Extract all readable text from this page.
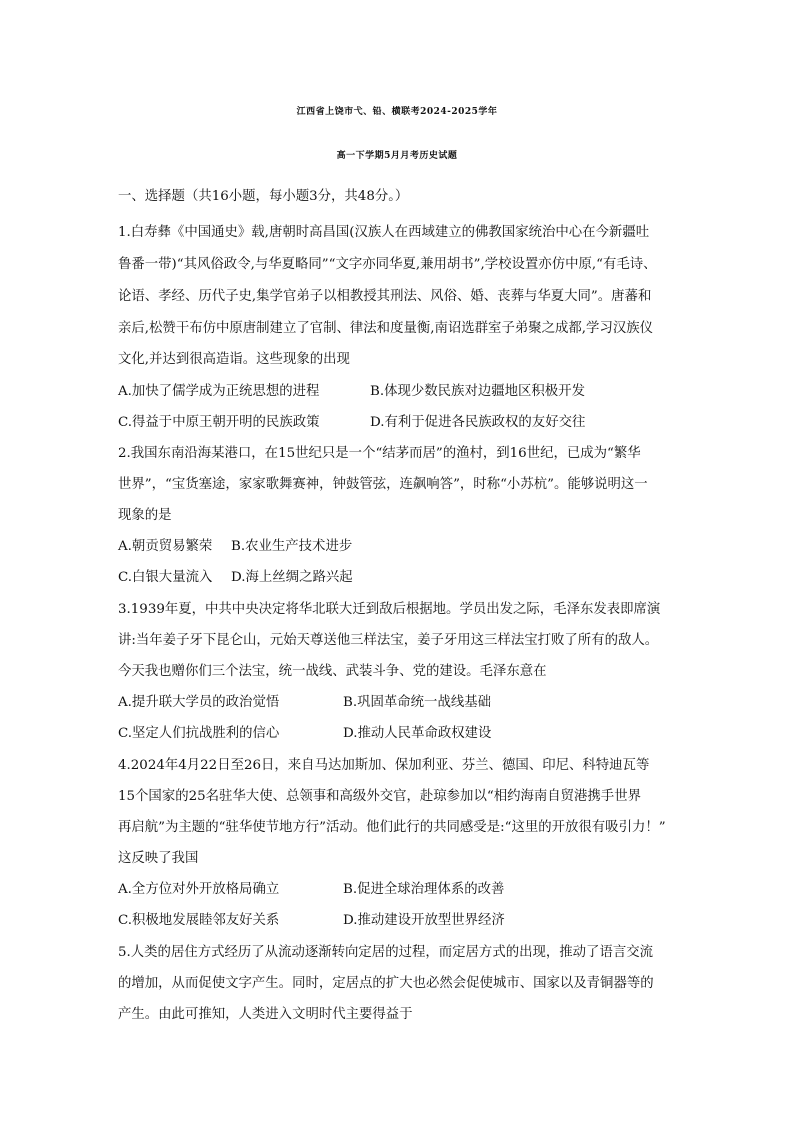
江西省上饶市弋、铅、横联考2024-2025学年
高一下学期5月月考历史试题
一、选择题（共16小题，每小题3分，共48分。）
1.白寿彝《中国通史》载,唐朝时高昌国(汉族人在西域建立的佛教国家统治中心在今新疆吐
鲁番一带)“其风俗政令,与华夏略同”“文字亦同华夏,兼用胡书”,学校设置亦仿中原,“有毛诗、
论语、孝经、历代子史,集学官弟子以相教授其刑法、风俗、婚、丧葬与华夏大同”。唐蕃和
亲后,松赞干布仿中原唐制建立了官制、律法和度量衡,南诏选群室子弟聚之成都,学习汉族仪
文化,并达到很高造诣。这些现象的出现
A.加快了儒学成为正统思想的进程	B.体现少数民族对边疆地区积极开发
C.得益于中原王朝开明的民族政策	D.有利于促进各民族政权的友好交往
2.我国东南沿海某港口，在15世纪只是一个“结茅而居”的渔村，到16世纪，已成为“繁华
世界”，“宝货塞途，家家歌舞赛神，钟鼓管弦，连飙响答”，时称“小苏杭”。能够说明这一
现象的是
A.朝贡贸易繁荣 B.农业生产技术进步
C.白银大量流入 D.海上丝绸之路兴起
3.1939年夏，中共中央决定将华北联大迁到敌后根据地。学员出发之际，毛泽东发表即席演
讲:当年姜子牙下昆仑山，元始天尊送他三样法宝，姜子牙用这三样法宝打败了所有的敌人。
今天我也赠你们三个法宝，统一战线、武装斗争、党的建设。毛泽东意在
A.提升联大学员的政治觉悟	B.巩固革命统一战线基础
C.坚定人们抗战胜利的信心	D.推动人民革命政权建设
4.2024年4月22日至26日，来自马达加斯加、保加利亚、芬兰、德国、印尼、科特迪瓦等
15个国家的25名驻华大使、总领事和高级外交官，赴琼参加以“相约海南自贸港携手世界
再启航”为主题的“驻华使节地方行”活动。他们此行的共同感受是:“这里的开放很有吸引力！”
这反映了我国
A.全方位对外开放格局确立	B.促进全球治理体系的改善
C.积极地发展睦邻友好关系	D.推动建设开放型世界经济
5.人类的居住方式经历了从流动逐渐转向定居的过程，而定居方式的出现，推动了语言交流
的增加，从而促使文字产生。同时，定居点的扩大也必然会促使城市、国家以及青铜器等的
产生。由此可推知，人类进入文明时代主要得益于
